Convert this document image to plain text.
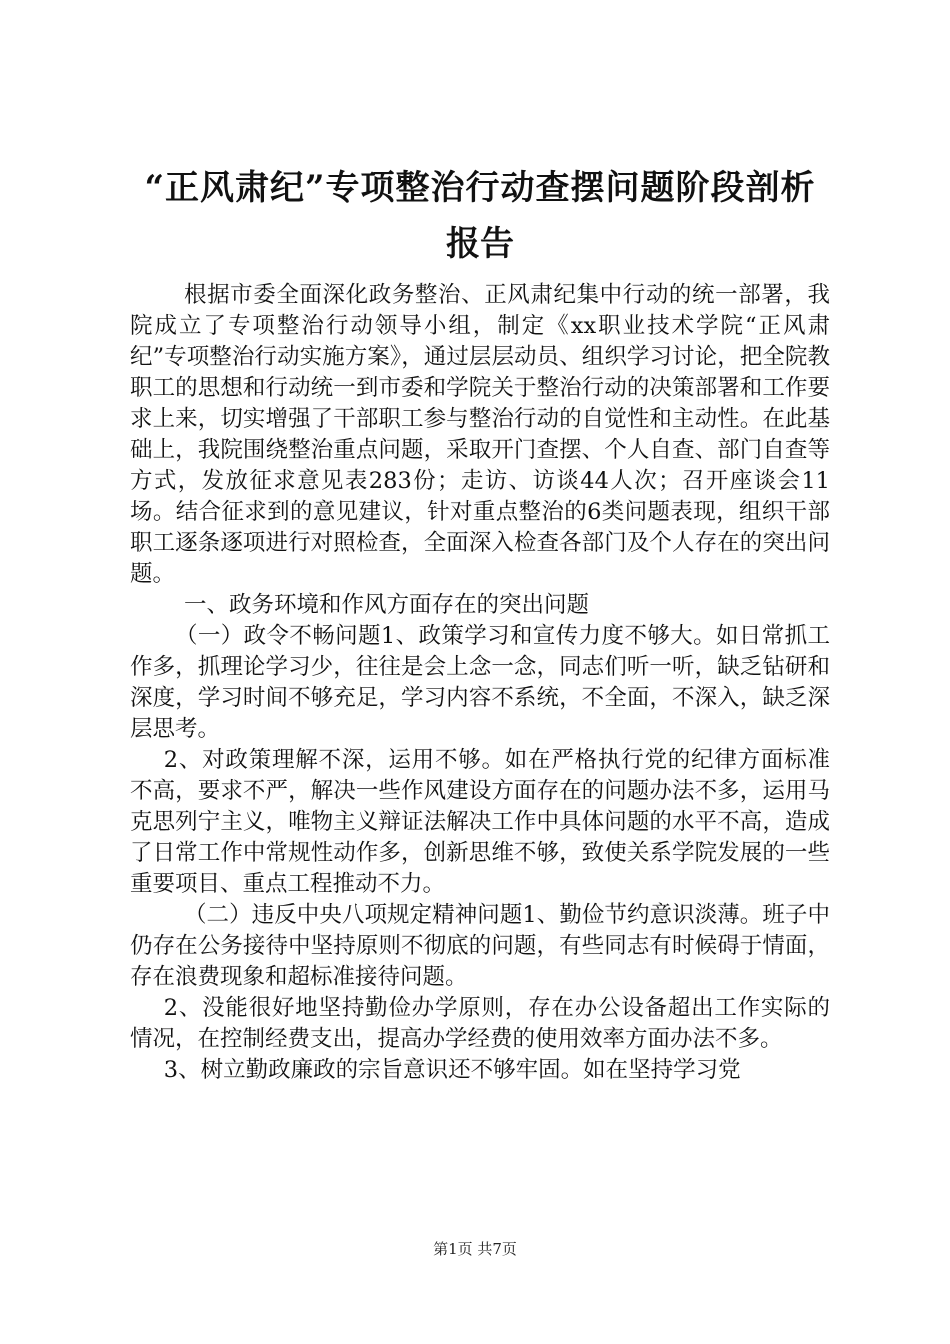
“正风肃纪”专项整治行动查摆问题阶段剖析
报告

根据市委全面深化政务整治、正风肃纪集中行动的统一部署，我院成立了专项整治行动领导小组，制定《xx职业技术学院“正风肃纪”专项整治行动实施方案》，通过层层动员、组织学习讨论，把全院教职工的思想和行动统一到市委和学院关于整治行动的决策部署和工作要求上来，切实增强了干部职工参与整治行动的自觉性和主动性。在此基础上，我院围绕整治重点问题，采取开门查摆、个人自查、部门自查等方式，发放征求意见表283份；走访、访谈44人次；召开座谈会11场。结合征求到的意见建议，针对重点整治的6类问题表现，组织干部职工逐条逐项进行对照检查，全面深入检查各部门及个人存在的突出问题。

一、政务环境和作风方面存在的突出问题

（一）政令不畅问题1、政策学习和宣传力度不够大。如日常抓工作多，抓理论学习少，往往是会上念一念，同志们听一听，缺乏钻研和深度，学习时间不够充足，学习内容不系统，不全面，不深入，缺乏深层思考。

2、对政策理解不深，运用不够。如在严格执行党的纪律方面标准不高，要求不严，解决一些作风建设方面存在的问题办法不多，运用马克思列宁主义，唯物主义辩证法解决工作中具体问题的水平不高，造成了日常工作中常规性动作多，创新思维不够，致使关系学院发展的一些重要项目、重点工程推动不力。

（二）违反中央八项规定精神问题1、勤俭节约意识淡薄。班子中仍存在公务接待中坚持原则不彻底的问题，有些同志有时候碍于情面，存在浪费现象和超标准接待问题。

2、没能很好地坚持勤俭办学原则，存在办公设备超出工作实际的情况，在控制经费支出，提高办学经费的使用效率方面办法不多。

3、树立勤政廉政的宗旨意识还不够牢固。如在坚持学习党

第1页 共7页
